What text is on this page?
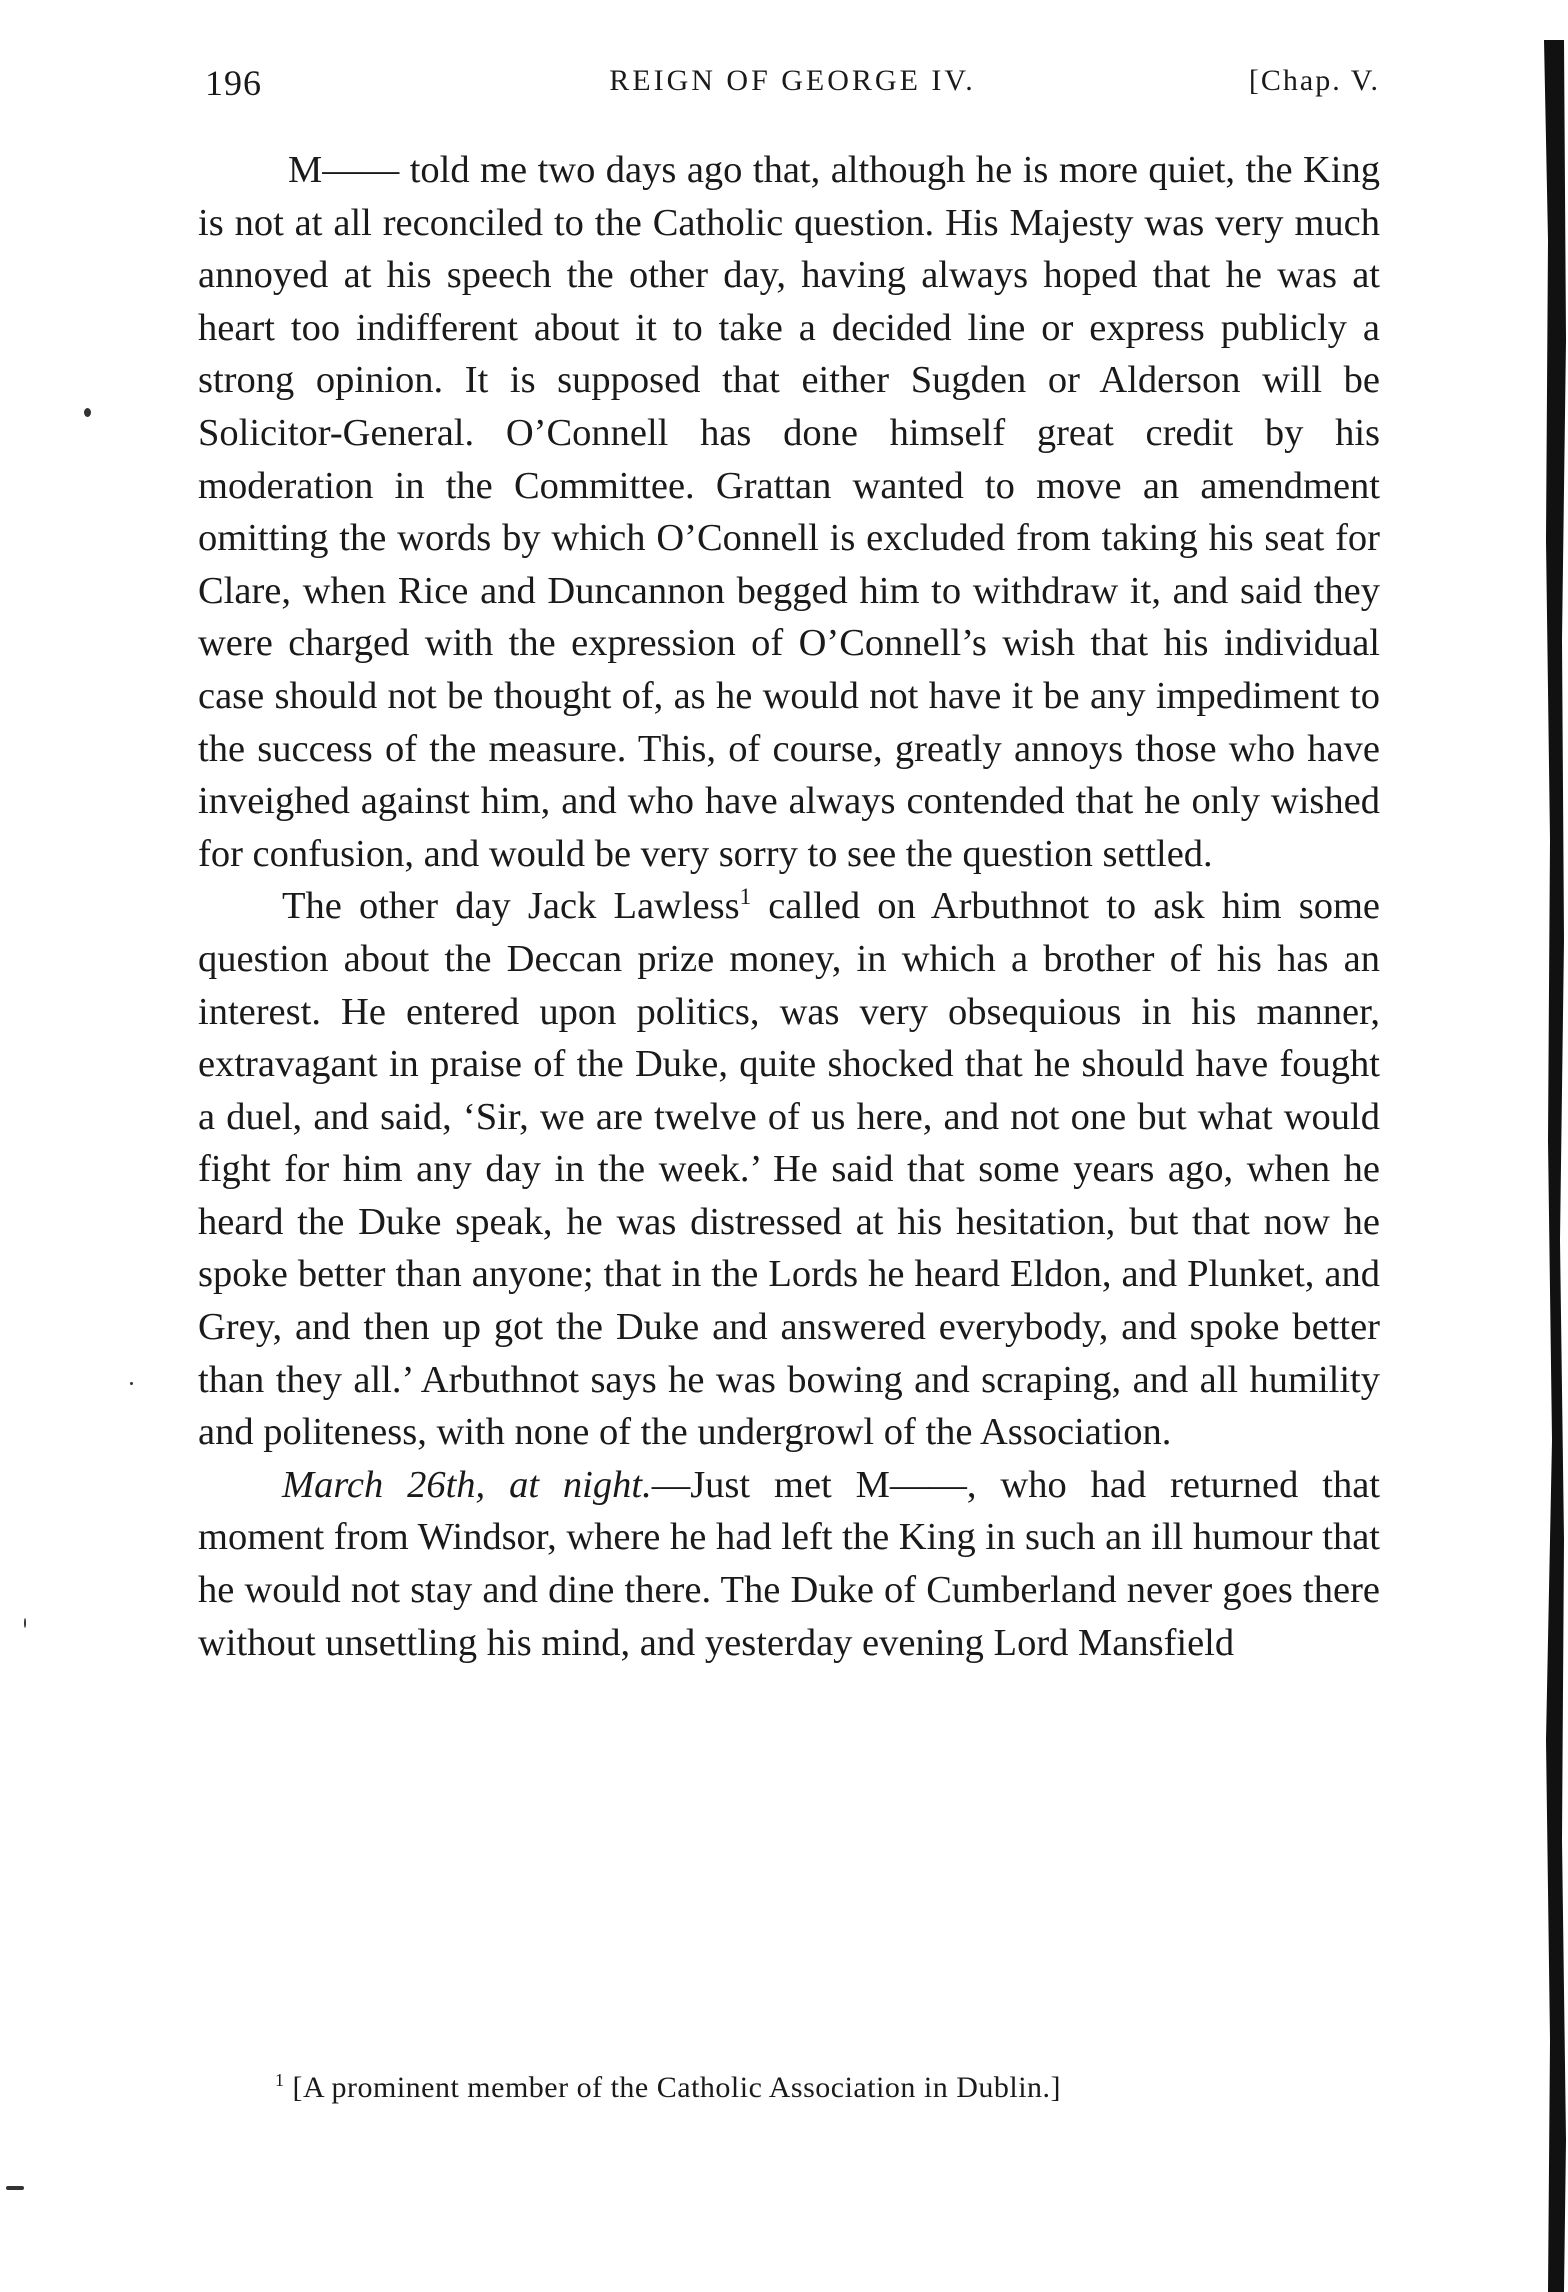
196	REIGN OF GEORGE IV.	[Chap. V.

M—— told me two days ago that, although he is more quiet, the King is not at all reconciled to the Catholic question. His Majesty was very much annoyed at his speech the other day, having always hoped that he was at heart too indifferent about it to take a decided line or express publicly a strong opinion. It is supposed that either Sugden or Alderson will be Solicitor-General. O’Connell has done himself great credit by his moderation in the Committee. Grattan wanted to move an amendment omitting the words by which O’Connell is excluded from taking his seat for Clare, when Rice and Duncannon begged him to withdraw it, and said they were charged with the expression of O’Connell’s wish that his individual case should not be thought of, as he would not have it be any impediment to the success of the measure. This, of course, greatly annoys those who have inveighed against him, and who have always contended that he only wished for confusion, and would be very sorry to see the question settled.

The other day Jack Lawless$^1$ called on Arbuthnot to ask him some question about the Deccan prize money, in which a brother of his has an interest. He entered upon politics, was very obsequious in his manner, extravagant in praise of the Duke, quite shocked that he should have fought a duel, and said, ‘Sir, we are twelve of us here, and not one but what would fight for him any day in the week.’ He said that some years ago, when he heard the Duke speak, he was distressed at his hesitation, but that now he spoke better than anyone; that in the Lords he heard Eldon, and Plunket, and Grey, and then up got the Duke and answered everybody, and spoke better than they all.’ Arbuthnot says he was bowing and scraping, and all humility and politeness, with none of the undergrowl of the Association.

March 26th, at night.—Just met M——, who had returned that moment from Windsor, where he had left the King in such an ill humour that he would not stay and dine there. The Duke of Cumberland never goes there without unsettling his mind, and yesterday evening Lord Mansfield

$^1$ [A prominent member of the Catholic Association in Dublin.]
